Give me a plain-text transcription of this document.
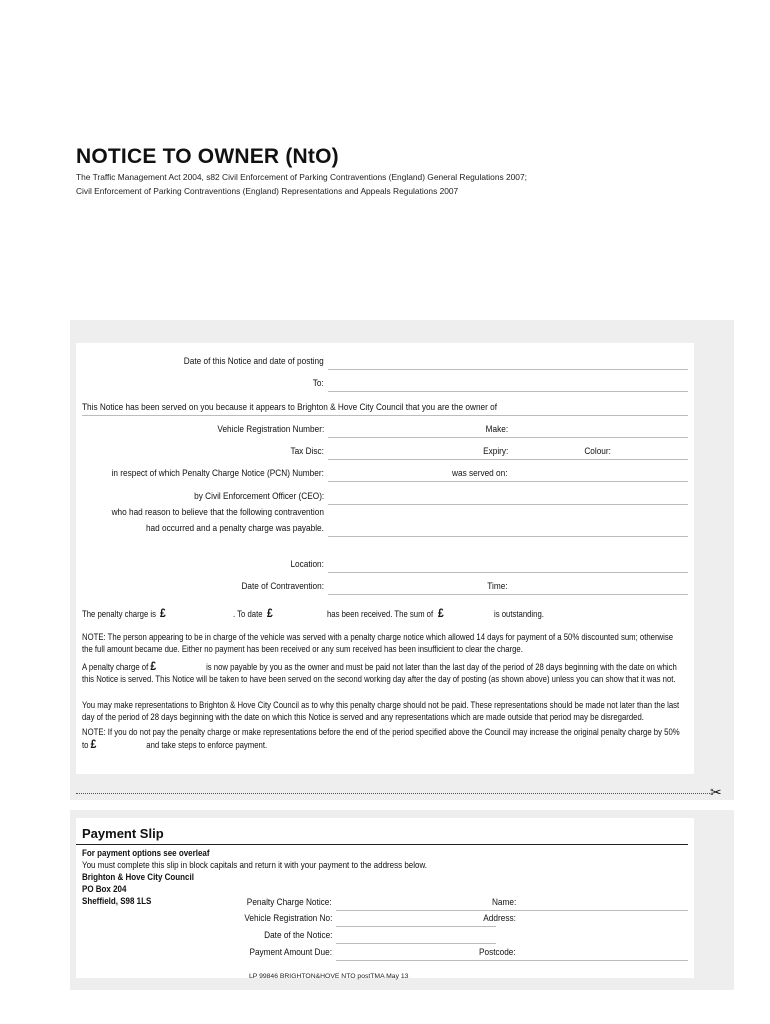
NOTICE TO OWNER (NtO)
The Traffic Management Act 2004, s82 Civil Enforcement of Parking Contraventions (England) General Regulations 2007;
Civil Enforcement of Parking Contraventions (England) Representations and Appeals Regulations 2007
Date of this Notice and date of posting
To:
This Notice has been served on you because it appears to Brighton & Hove City Council that you are the owner of
Vehicle Registration Number:	Make:
Tax Disc:	Expiry:	Colour:
in respect of which Penalty Charge Notice (PCN) Number:	was served on:
by Civil Enforcement Officer (CEO):
who had reason to believe that the following contravention
had occurred and a penalty charge was payable.
Location:
Date of Contravention:	Time:
The penalty charge is £	. To date £	has been received. The sum of £	is outstanding.
NOTE: The person appearing to be in charge of the vehicle was served with a penalty charge notice which allowed 14 days for payment of a 50% discounted sum; otherwise the full amount became due. Either no payment has been received or any sum received has been insufficient to clear the charge.
A penalty charge of £	is now payable by you as the owner and must be paid not later than the last day of the period of 28 days beginning with the date on which this Notice is served. This Notice will be taken to have been served on the second working day after the day of posting (as shown above) unless you can show that it was not.
You may make representations to Brighton & Hove City Council as to why this penalty charge should not be paid. These representations should be made not later than the last day of the period of 28 days beginning with the date on which this Notice is served and any representations which are made outside that period may be disregarded.
NOTE: If you do not pay the penalty charge or make representations before the end of the period specified above the Council may increase the original penalty charge by 50% to £	and take steps to enforce payment.
✂
Payment Slip
For payment options see overleaf
You must complete this slip in block capitals and return it with your payment to the address below.
Brighton & Hove City Council
PO Box 204
Sheffield, S98 1LS	Penalty Charge Notice:	Name:
Vehicle Registration No:	Address:
Date of the Notice:
Payment Amount Due:	Postcode:
LP 99846 BRIGHTON&HOVE NTO postTMA May 13
